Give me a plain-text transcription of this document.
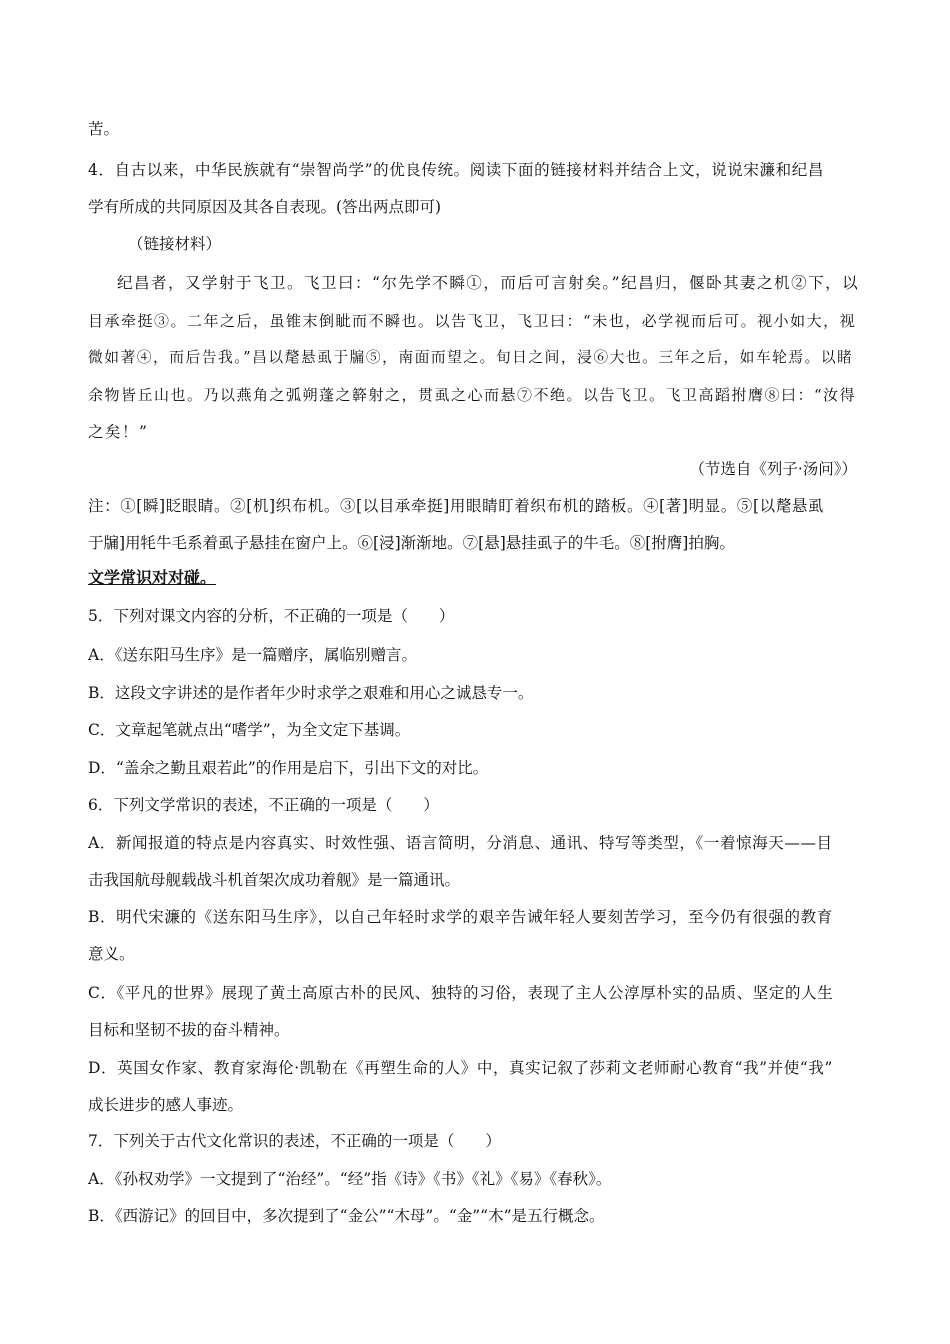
苦。
4．自古以来，中华民族就有“崇智尚学”的优良传统。阅读下面的链接材料并结合上文，说说宋濂和纪昌
学有所成的共同原因及其各自表现。(答出两点即可)
（链接材料）
纪昌者，又学射于飞卫。飞卫曰：“尔先学不瞬①，而后可言射矣。”纪昌归，偃卧其妻之机②下，以
目承牵挺③。二年之后，虽锥末倒眦而不瞬也。以告飞卫，飞卫曰：“未也，必学视而后可。视小如大，视
微如著④，而后告我。”昌以氂悬虱于牖⑤，南面而望之。旬日之间，浸⑥大也。三年之后，如车轮焉。以睹
余物皆丘山也。乃以燕角之弧朔蓬之簳射之，贯虱之心而悬⑦不绝。以告飞卫。飞卫高蹈拊膺⑧曰：“汝得
之矣！”
（节选自《列子·汤问》）
注：①[瞬]眨眼睛。②[机]织布机。③[以目承牵挺]用眼睛盯着织布机的踏板。④[著]明显。⑤[以氂悬虱
于牖]用牦牛毛系着虱子悬挂在窗户上。⑥[浸]渐渐地。⑦[悬]悬挂虱子的牛毛。⑧[拊膺]拍胸。
文学常识对对碰。
5．下列对课文内容的分析，不正确的一项是（　　）
A．《送东阳马生序》是一篇赠序，属临别赠言。
B．这段文字讲述的是作者年少时求学之艰难和用心之诚恳专一。
C．文章起笔就点出“嗜学”，为全文定下基调。
D．“盖余之勤且艰若此”的作用是启下，引出下文的对比。
6．下列文学常识的表述，不正确的一项是（　　）
A．新闻报道的特点是内容真实、时效性强、语言简明，分消息、通讯、特写等类型，《一着惊海天——目
击我国航母舰载战斗机首架次成功着舰》是一篇通讯。
B．明代宋濂的《送东阳马生序》，以自己年轻时求学的艰辛告诫年轻人要刻苦学习，至今仍有很强的教育
意义。
C．《平凡的世界》展现了黄土高原古朴的民风、独特的习俗，表现了主人公淳厚朴实的品质、坚定的人生
目标和坚韧不拔的奋斗精神。
D．英国女作家、教育家海伦·凯勒在《再塑生命的人》中，真实记叙了莎莉文老师耐心教育“我”并使“我”
成长进步的感人事迹。
7．下列关于古代文化常识的表述，不正确的一项是（　　）
A．《孙权劝学》一文提到了“治经”。“经”指《诗》《书》《礼》《易》《春秋》。
B．《西游记》的回目中，多次提到了“金公”“木母”。“金”“木”是五行概念。
